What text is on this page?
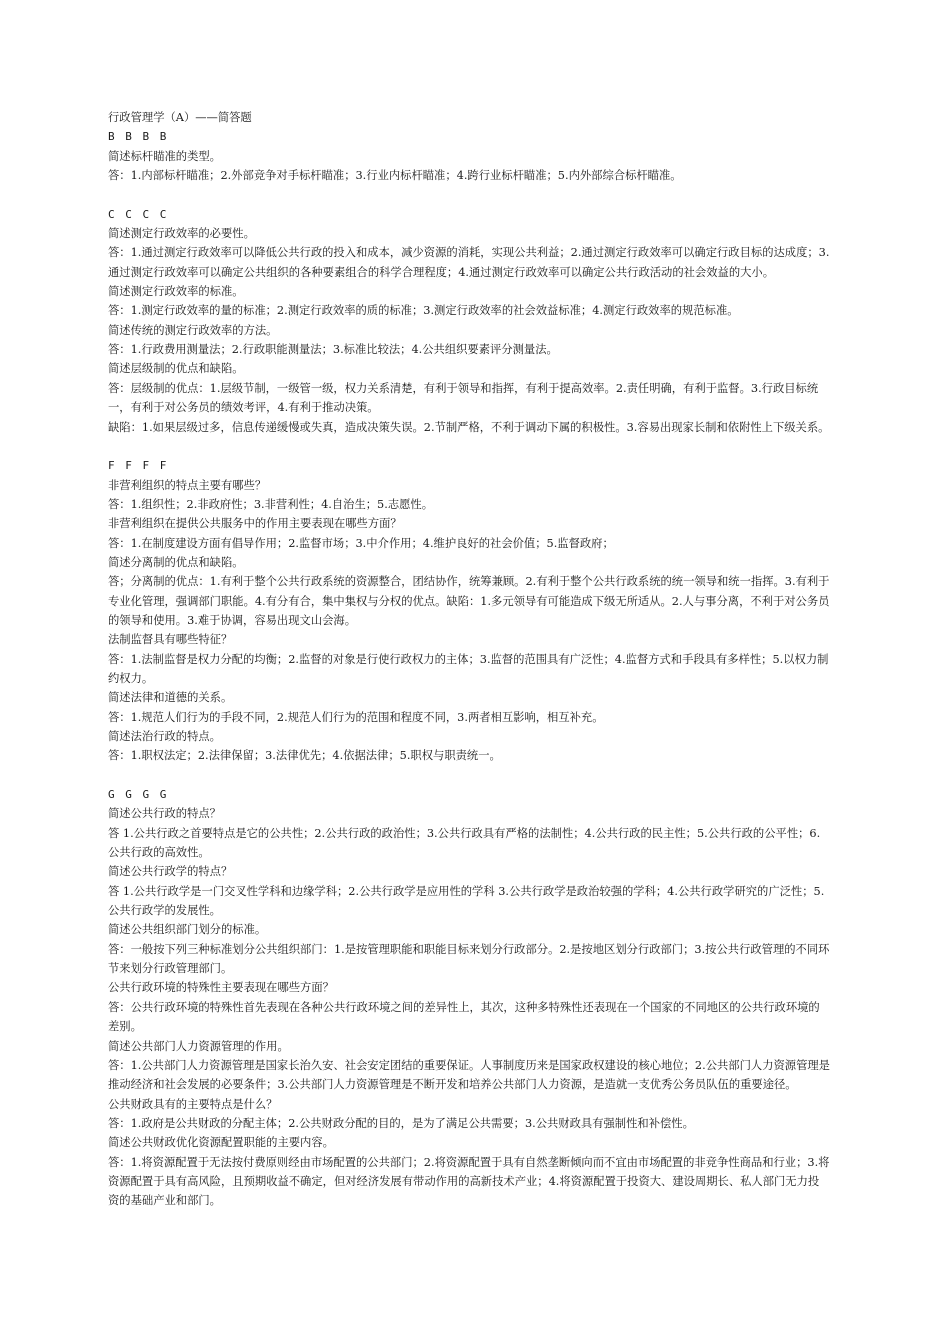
行政管理学（A）——简答题
B B B B
简述标杆瞄准的类型。
答：1.内部标杆瞄准；2.外部竞争对手标杆瞄准；3.行业内标杆瞄准；4.跨行业标杆瞄准；5.内外部综合标杆瞄准。
C C C C
简述测定行政效率的必要性。
答：1.通过测定行政效率可以降低公共行政的投入和成本，减少资源的消耗，实现公共利益；2.通过测定行政效率可以确定行政目标的达成度；3.通过测定行政效率可以确定公共组织的各种要素组合的科学合理程度；4.通过测定行政效率可以确定公共行政活动的社会效益的大小。
简述测定行政效率的标准。
答：1.测定行政效率的量的标准；2.测定行政效率的质的标准；3.测定行政效率的社会效益标准；4.测定行政效率的规范标准。
简述传统的测定行政效率的方法。
答：1.行政费用测量法；2.行政职能测量法；3.标准比较法；4.公共组织要素评分测量法。
简述层级制的优点和缺陷。
答：层级制的优点：1.层级节制，一级管一级，权力关系清楚，有利于领导和指挥，有利于提高效率。2.责任明确，有利于监督。3.行政目标统一，有利于对公务员的绩效考评，4.有利于推动决策。
缺陷：1.如果层级过多，信息传递缓慢或失真，造成决策失误。2.节制严格，不利于调动下属的积极性。3.容易出现家长制和依附性上下级关系。
F F F F
非营利组织的特点主要有哪些？
答：1.组织性；2.非政府性；3.非营利性；4.自治生；5.志愿性。
非营利组织在提供公共服务中的作用主要表现在哪些方面？
答：1.在制度建设方面有倡导作用；2.监督市场；3.中介作用；4.维护良好的社会价值；5.监督政府；
简述分离制的优点和缺陷。
答；分离制的优点：1.有利于整个公共行政系统的资源整合，团结协作，统筹兼顾。2.有利于整个公共行政系统的统一领导和统一指挥。3.有利于专业化管理，强调部门职能。4.有分有合，集中集权与分权的优点。缺陷：1.多元领导有可能造成下级无所适从。2.人与事分离，不利于对公务员的领导和使用。3.难于协调，容易出现文山会海。
法制监督具有哪些特征？
答：1.法制监督是权力分配的均衡；2.监督的对象是行使行政权力的主体；3.监督的范围具有广泛性；4.监督方式和手段具有多样性；5.以权力制约权力。
简述法律和道德的关系。
答：1.规范人们行为的手段不同，2.规范人们行为的范围和程度不同，3.两者相互影响，相互补充。
简述法治行政的特点。
答：1.职权法定；2.法律保留；3.法律优先；4.依据法律；5.职权与职责统一。
G G G G
简述公共行政的特点？
答 1.公共行政之首要特点是它的公共性；2.公共行政的政治性；3.公共行政具有严格的法制性；4.公共行政的民主性；5.公共行政的公平性；6.公共行政的高效性。
简述公共行政学的特点？
答 1.公共行政学是一门交叉性学科和边缘学科；2.公共行政学是应用性的学科 3.公共行政学是政治较强的学科；4.公共行政学研究的广泛性；5.公共行政学的发展性。
简述公共组织部门划分的标准。
答：一般按下列三种标准划分公共组织部门：1.是按管理职能和职能目标来划分行政部分。2.是按地区划分行政部门；3.按公共行政管理的不同环节来划分行政管理部门。
公共行政环境的特殊性主要表现在哪些方面？
答：公共行政环境的特殊性首先表现在各种公共行政环境之间的差异性上，其次，这种多特殊性还表现在一个国家的不同地区的公共行政环境的差别。
简述公共部门人力资源管理的作用。
答：1.公共部门人力资源管理是国家长治久安、社会安定团结的重要保证。人事制度历来是国家政权建设的核心地位；2.公共部门人力资源管理是推动经济和社会发展的必要条件；3.公共部门人力资源管理是不断开发和培养公共部门人力资源，是造就一支优秀公务员队伍的重要途径。
公共财政具有的主要特点是什么？
答：1.政府是公共财政的分配主体；2.公共财政分配的目的，是为了满足公共需要；3.公共财政具有强制性和补偿性。
简述公共财政优化资源配置职能的主要内容。
答：1.将资源配置于无法按付费原则经由市场配置的公共部门；2.将资源配置于具有自然垄断倾向而不宜由市场配置的非竞争性商品和行业；3.将资源配置于具有高风险，且预期收益不确定，但对经济发展有带动作用的高新技术产业；4.将资源配置于投资大、建设周期长、私人部门无力投资的基础产业和部门。
